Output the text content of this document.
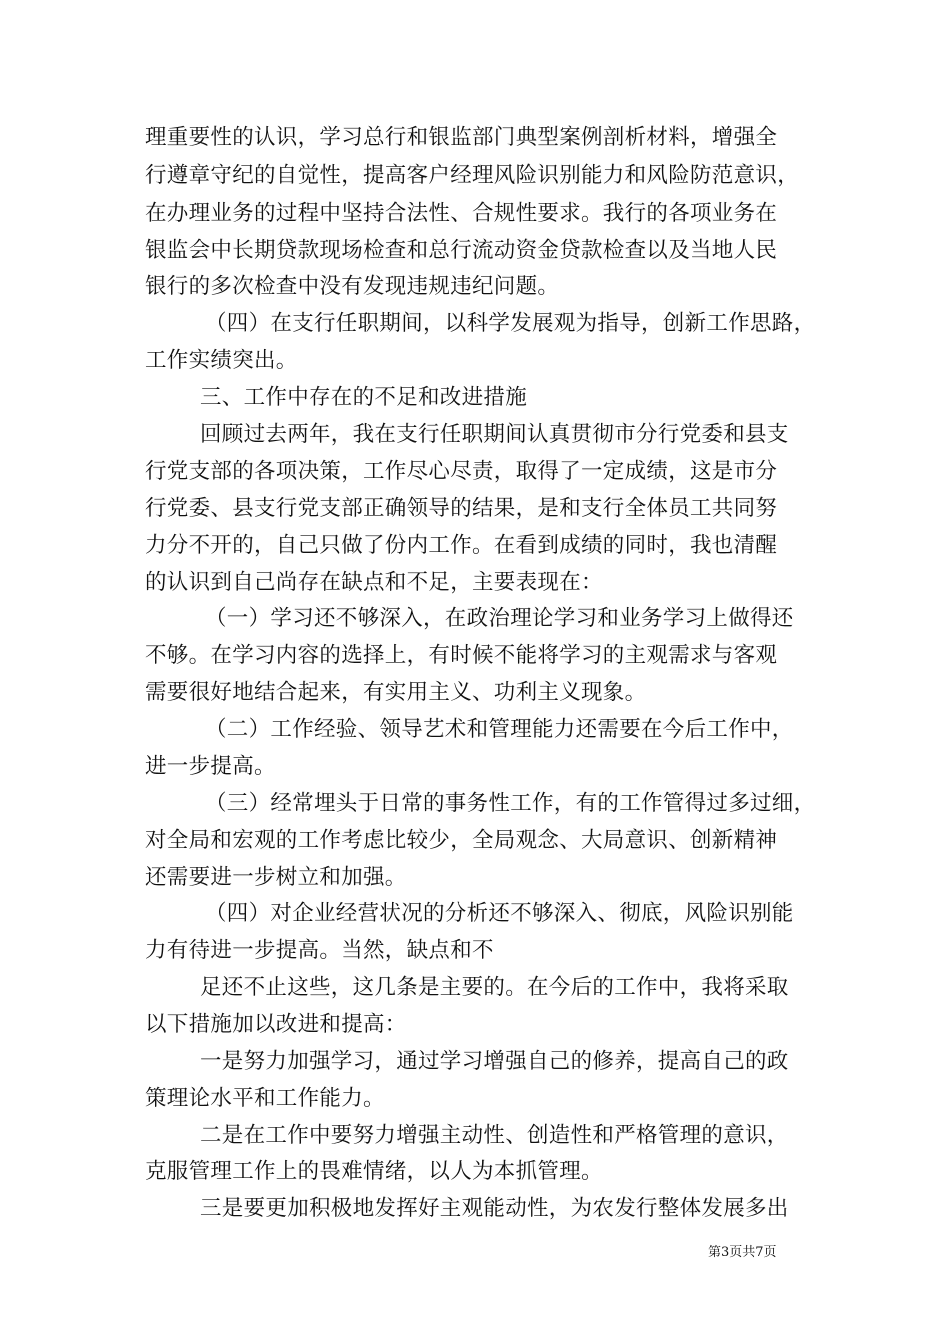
理重要性的认识，学习总行和银监部门典型案例剖析材料，增强全
行遵章守纪的自觉性，提高客户经理风险识别能力和风险防范意识，
在办理业务的过程中坚持合法性、合规性要求。我行的各项业务在
银监会中长期贷款现场检查和总行流动资金贷款检查以及当地人民
银行的多次检查中没有发现违规违纪问题。
（四）在支行任职期间，以科学发展观为指导，创新工作思路，
工作实绩突出。
三、工作中存在的不足和改进措施
回顾过去两年，我在支行任职期间认真贯彻市分行党委和县支
行党支部的各项决策，工作尽心尽责，取得了一定成绩，这是市分
行党委、县支行党支部正确领导的结果，是和支行全体员工共同努
力分不开的，自己只做了份内工作。在看到成绩的同时，我也清醒
的认识到自己尚存在缺点和不足，主要表现在：
（一）学习还不够深入，在政治理论学习和业务学习上做得还
不够。在学习内容的选择上，有时候不能将学习的主观需求与客观
需要很好地结合起来，有实用主义、功利主义现象。
（二）工作经验、领导艺术和管理能力还需要在今后工作中，
进一步提高。
（三）经常埋头于日常的事务性工作，有的工作管得过多过细，
对全局和宏观的工作考虑比较少，全局观念、大局意识、创新精神
还需要进一步树立和加强。
（四）对企业经营状况的分析还不够深入、彻底，风险识别能
力有待进一步提高。当然，缺点和不
足还不止这些，这几条是主要的。在今后的工作中，我将采取
以下措施加以改进和提高：
一是努力加强学习，通过学习增强自己的修养，提高自己的政
策理论水平和工作能力。
二是在工作中要努力增强主动性、创造性和严格管理的意识，
克服管理工作上的畏难情绪，以人为本抓管理。
三是要更加积极地发挥好主观能动性，为农发行整体发展多出
第3页共7页
